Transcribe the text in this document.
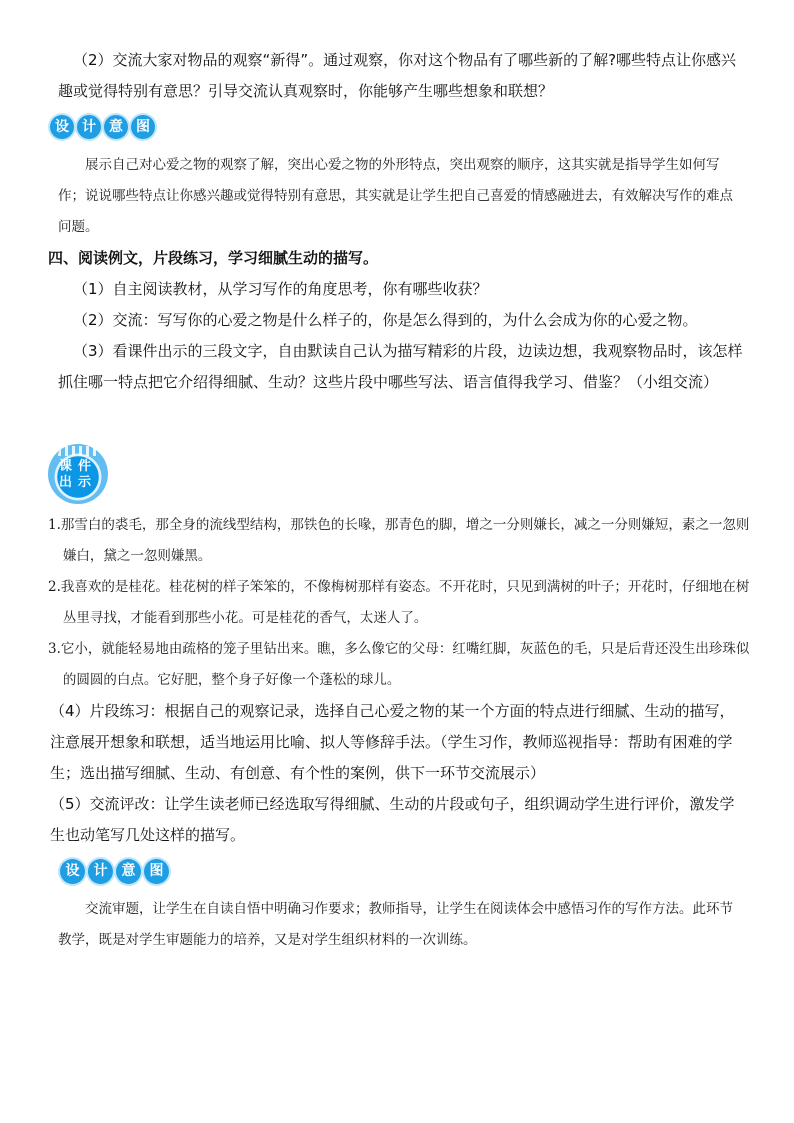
（2）交流大家对物品的观察“新得”。通过观察，你对这个物品有了哪些新的了解?哪些特点让你感兴趣或觉得特别有意思？引导交流认真观察时，你能够产生哪些想象和联想？

设 计 意 图

展示自己对心爱之物的观察了解，突出心爱之物的外形特点，突出观察的顺序，这其实就是指导学生如何写作；说说哪些特点让你感兴趣或觉得特别有意思，其实就是让学生把自己喜爱的情感融进去，有效解决写作的难点问题。

四、阅读例文，片段练习，学习细腻生动的描写。

（1）自主阅读教材，从学习写作的角度思考，你有哪些收获？

（2）交流：写写你的心爱之物是什么样子的，你是怎么得到的，为什么会成为你的心爱之物。

（3）看课件出示的三段文字，自由默读自己认为描写精彩的片段，边读边想，我观察物品时，该怎样抓住哪一特点把它介绍得细腻、生动？这些片段中哪些写法、语言值得我学习、借鉴？（小组交流）

课件
出示

1.那雪白的裘毛，那全身的流线型结构，那铁色的长喙，那青色的脚，增之一分则嫌长，减之一分则嫌短，素之一忽则嫌白，黛之一忽则嫌黑。

2.我喜欢的是桂花。桂花树的样子笨笨的，不像梅树那样有姿态。不开花时，只见到满树的叶子；开花时，仔细地在树丛里寻找，才能看到那些小花。可是桂花的香气，太迷人了。

3.它小，就能轻易地由疏格的笼子里钻出来。瞧，多么像它的父母：红嘴红脚，灰蓝色的毛，只是后背还没生出珍珠似的圆圆的白点。它好肥，整个身子好像一个蓬松的球儿。

（4）片段练习：根据自己的观察记录，选择自己心爱之物的某一个方面的特点进行细腻、生动的描写，注意展开想象和联想，适当地运用比喻、拟人等修辞手法。（学生习作，教师巡视指导：帮助有困难的学生；选出描写细腻、生动、有创意、有个性的案例，供下一环节交流展示）

（5）交流评改：让学生读老师已经选取写得细腻、生动的片段或句子，组织调动学生进行评价，激发学生也动笔写几处这样的描写。

设	计	意	图

交流审题，让学生在自读自悟中明确习作要求；教师指导，让学生在阅读体会中感悟习作的写作方法。此环节教学，既是对学生审题能力的培养，又是对学生组织材料的一次训练。
